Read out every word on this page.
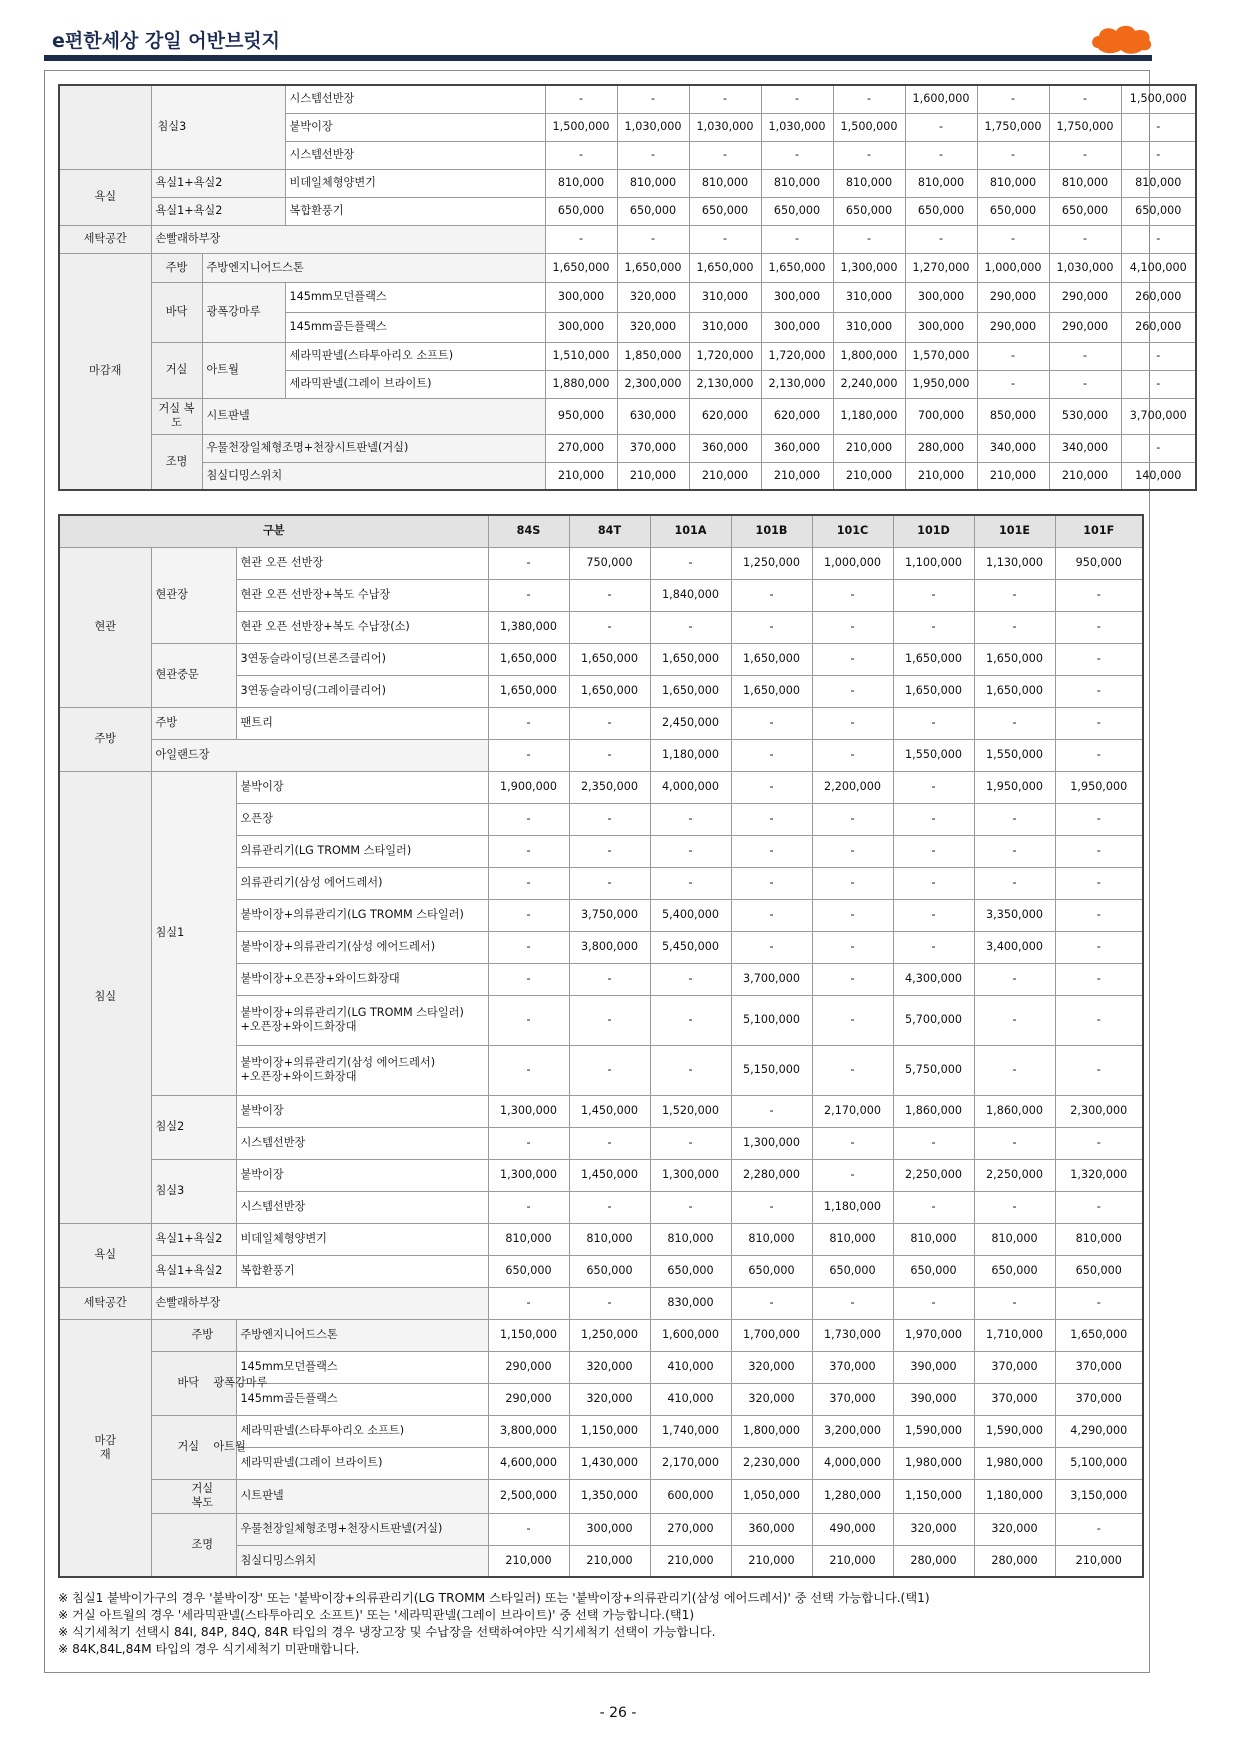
e편한세상 강일 어반브릿지
	침실3		시스템선반장	-	-	-	-	-	1,600,000	-	-	1,500,000
			붙박이장	1,500,000	1,030,000	1,030,000	1,030,000	1,500,000	-	1,750,000	1,750,000	-
			시스템선반장	-	-	-	-	-	-	-	-	-
욕실	욕실1+욕실2		비데일체형양변기	810,000	810,000	810,000	810,000	810,000	810,000	810,000	810,000	810,000
	욕실1+욕실2		복합환풍기	650,000	650,000	650,000	650,000	650,000	650,000	650,000	650,000	650,000
세탁공간	손빨래하부장			-	-	-	-	-	-	-	-	-
마감재	주방	주방엔지니어드스톤		1,650,000	1,650,000	1,650,000	1,650,000	1,300,000	1,270,000	1,000,000	1,030,000	4,100,000
	바닥	광폭강마루	145mm모던플랙스	300,000	320,000	310,000	300,000	310,000	300,000	290,000	290,000	260,000
			145mm골든플랙스	300,000	320,000	310,000	300,000	310,000	300,000	290,000	290,000	260,000
	거실	아트월	세라믹판넬(스타투아리오 소프트)	1,510,000	1,850,000	1,720,000	1,720,000	1,800,000	1,570,000	-	-	-
			세라믹판넬(그레이 브라이트)	1,880,000	2,300,000	2,130,000	2,130,000	2,240,000	1,950,000	-	-	-
	거실 복도	시트판넬		950,000	630,000	620,000	620,000	1,180,000	700,000	850,000	530,000	3,700,000
	조명	우물천장일체형조명+천장시트판넬(거실)		270,000	370,000	360,000	360,000	210,000	280,000	340,000	340,000	-
		침실디밍스위치		210,000	210,000	210,000	210,000	210,000	210,000	210,000	210,000	140,000
구분			84S	84T	101A	101B	101C	101D	101E	101F
현관	현관장	현관 오픈 선반장	-	750,000	-	1,250,000	1,000,000	1,100,000	1,130,000	950,000
		현관 오픈 선반장+복도 수납장	-	-	1,840,000	-	-	-	-	-
		현관 오픈 선반장+복도 수납장(소)	1,380,000	-	-	-	-	-	-	-
	현관중문	3연동슬라이딩(브론즈클리어)	1,650,000	1,650,000	1,650,000	1,650,000	-	1,650,000	1,650,000	-
		3연동슬라이딩(그레이클리어)	1,650,000	1,650,000	1,650,000	1,650,000	-	1,650,000	1,650,000	-
주방	주방	팬트리	-	-	2,450,000	-	-	-	-	-
	아일랜드장		-	-	1,180,000	-	-	1,550,000	1,550,000	-
침실	침실1	붙박이장	1,900,000	2,350,000	4,000,000	-	2,200,000	-	1,950,000	1,950,000
		오픈장	-	-	-	-	-	-	-	-
		의류관리기(LG TROMM 스타일러)	-	-	-	-	-	-	-	-
		의류관리기(삼성 에어드레서)	-	-	-	-	-	-	-	-
		붙박이장+의류관리기(LG TROMM 스타일러)	-	3,750,000	5,400,000	-	-	-	3,350,000	-
		붙박이장+의류관리기(삼성 에어드레서)	-	3,800,000	5,450,000	-	-	-	3,400,000	-
		붙박이장+오픈장+와이드화장대	-	-	-	3,700,000	-	4,300,000	-	-
		붙박이장+의류관리기(LG TROMM 스타일러)
+오픈장+와이드화장대	-	-	-	5,100,000	-	5,700,000	-	-
		붙박이장+의류관리기(삼성 에어드레서)
+오픈장+와이드화장대	-	-	-	5,150,000	-	5,750,000	-	-
	침실2	붙박이장	1,300,000	1,450,000	1,520,000	-	2,170,000	1,860,000	1,860,000	2,300,000
		시스템선반장	-	-	-	1,300,000	-	-	-	-
	침실3	붙박이장	1,300,000	1,450,000	1,300,000	2,280,000	-	2,250,000	2,250,000	1,320,000
		시스템선반장	-	-	-	-	1,180,000	-	-	-
욕실	욕실1+욕실2	비데일체형양변기	810,000	810,000	810,000	810,000	810,000	810,000	810,000	810,000
	욕실1+욕실2	복합환풍기	650,000	650,000	650,000	650,000	650,000	650,000	650,000	650,000
세탁공간	손빨래하부장		-	-	830,000	-	-	-	-	-
마감
재	주방	주방엔지니어드스톤	1,150,000	1,250,000	1,600,000	1,700,000	1,730,000	1,970,000	1,710,000	1,650,000
	바닥 광폭강마루	145mm모던플랙스	290,000	320,000	410,000	320,000	370,000	390,000	370,000	370,000
		145mm골든플랙스	290,000	320,000	410,000	320,000	370,000	390,000	370,000	370,000
	거실 아트월	세라믹판넬(스타투아리오 소프트)	3,800,000	1,150,000	1,740,000	1,800,000	3,200,000	1,590,000	1,590,000	4,290,000
		세라믹판넬(그레이 브라이트)	4,600,000	1,430,000	2,170,000	2,230,000	4,000,000	1,980,000	1,980,000	5,100,000
	거실
복도	시트판넬	2,500,000	1,350,000	600,000	1,050,000	1,280,000	1,150,000	1,180,000	3,150,000
	조명	우물천장일체형조명+천장시트판넬(거실)	-	300,000	270,000	360,000	490,000	320,000	320,000	-
		침실디밍스위치	210,000	210,000	210,000	210,000	210,000	280,000	280,000	210,000
※ 침실1 붙박이가구의 경우 '붙박이장' 또는 '붙박이장+의류관리기(LG TROMM 스타일러) 또는 '붙박이장+의류관리기(삼성 에어드레서)' 중 선택 가능합니다.(택1)
※ 거실 아트월의 경우 '세라믹판넬(스타투아리오 소프트)' 또는 '세라믹판넬(그레이 브라이트)' 중 선택 가능합니다.(택1)
※ 식기세척기 선택시 84I, 84P, 84Q, 84R 타입의 경우 냉장고장 및 수납장을 선택하여야만 식기세척기 선택이 가능합니다.
※ 84K,84L,84M 타입의 경우 식기세척기 미판매합니다.
- 26 -
